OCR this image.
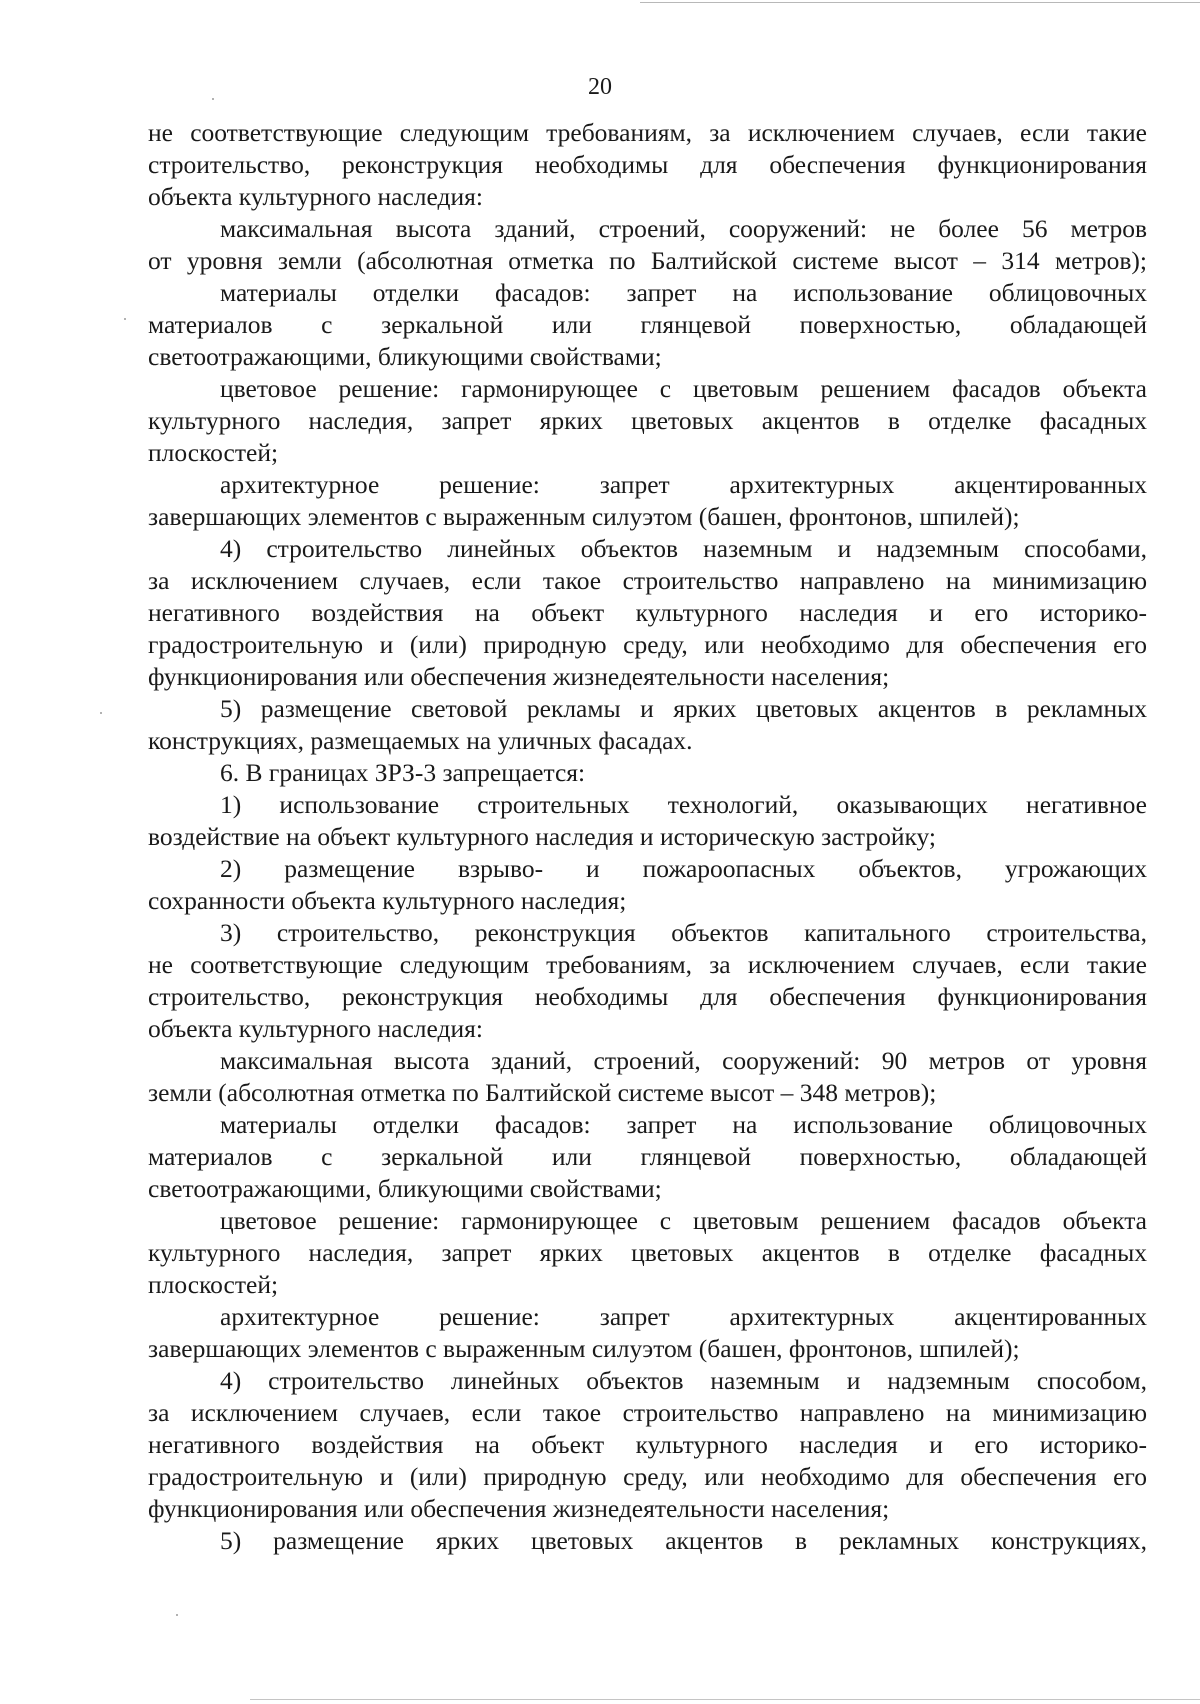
20
не соответствующие следующим требованиям, за исключением случаев, если такие
строительство, реконструкция необходимы для обеспечения функционирования
объекта культурного наследия:
максимальная высота зданий, строений, сооружений: не более 56 метров
от уровня земли (абсолютная отметка по Балтийской системе высот – 314 метров);
материалы отделки фасадов: запрет на использование облицовочных
материалов с зеркальной или глянцевой поверхностью, обладающей
светоотражающими, бликующими свойствами;
цветовое решение: гармонирующее с цветовым решением фасадов объекта
культурного наследия, запрет ярких цветовых акцентов в отделке фасадных
плоскостей;
архитектурное решение: запрет архитектурных акцентированных
завершающих элементов с выраженным силуэтом (башен, фронтонов, шпилей);
4) строительство линейных объектов наземным и надземным способами,
за исключением случаев, если такое строительство направлено на минимизацию
негативного воздействия на объект культурного наследия и его историко-
градостроительную и (или) природную среду, или необходимо для обеспечения его
функционирования или обеспечения жизнедеятельности населения;
5) размещение световой рекламы и ярких цветовых акцентов в рекламных
конструкциях, размещаемых на уличных фасадах.
6. В границах ЗРЗ-3 запрещается:
1) использование строительных технологий, оказывающих негативное
воздействие на объект культурного наследия и историческую застройку;
2) размещение взрыво- и пожароопасных объектов, угрожающих
сохранности объекта культурного наследия;
3) строительство, реконструкция объектов капитального строительства,
не соответствующие следующим требованиям, за исключением случаев, если такие
строительство, реконструкция необходимы для обеспечения функционирования
объекта культурного наследия:
максимальная высота зданий, строений, сооружений: 90 метров от уровня
земли (абсолютная отметка по Балтийской системе высот – 348 метров);
материалы отделки фасадов: запрет на использование облицовочных
материалов с зеркальной или глянцевой поверхностью, обладающей
светоотражающими, бликующими свойствами;
цветовое решение: гармонирующее с цветовым решением фасадов объекта
культурного наследия, запрет ярких цветовых акцентов в отделке фасадных
плоскостей;
архитектурное решение: запрет архитектурных акцентированных
завершающих элементов с выраженным силуэтом (башен, фронтонов, шпилей);
4) строительство линейных объектов наземным и надземным способом,
за исключением случаев, если такое строительство направлено на минимизацию
негативного воздействия на объект культурного наследия и его историко-
градостроительную и (или) природную среду, или необходимо для обеспечения его
функционирования или обеспечения жизнедеятельности населения;
5) размещение ярких цветовых акцентов в рекламных конструкциях,
